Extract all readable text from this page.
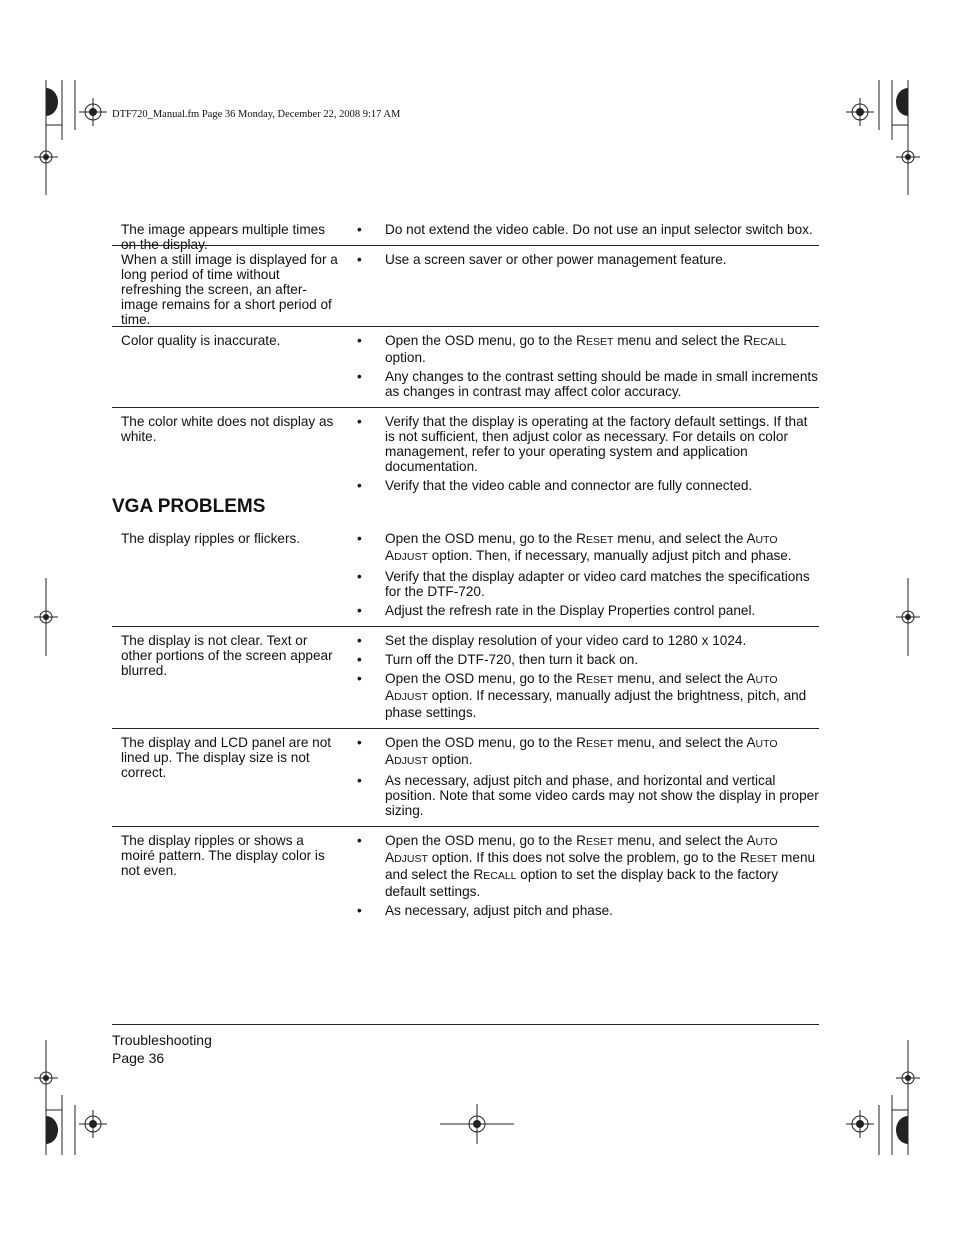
DTF720_Manual.fm Page 36 Monday, December 22, 2008 9:17 AM
The image appears multiple times on the display.
• Do not extend the video cable. Do not use an input selector switch box.
When a still image is displayed for a long period of time without refreshing the screen, an after-image remains for a short period of time.
• Use a screen saver or other power management feature.
Color quality is inaccurate.	• Open the OSD menu, go to the RESET menu and select the RECALL option.
• Any changes to the contrast setting should be made in small increments as changes in contrast may affect color accuracy.
The color white does not display as white.
• Verify that the display is operating at the factory default settings. If that is not sufficient, then adjust color as necessary. For details on color management, refer to your operating system and application documentation.
• Verify that the video cable and connector are fully connected.
VGA PROBLEMS
The display ripples or flickers.	• Open the OSD menu, go to the RESET menu, and select the AUTO ADJUST option. Then, if necessary, manually adjust pitch and phase.
• Verify that the display adapter or video card matches the specifications for the DTF-720.
• Adjust the refresh rate in the Display Properties control panel.
The display is not clear. Text or other portions of the screen appear blurred.
• Set the display resolution of your video card to 1280 x 1024.
• Turn off the DTF-720, then turn it back on.
• Open the OSD menu, go to the RESET menu, and select the AUTO ADJUST option. If necessary, manually adjust the brightness, pitch, and phase settings.
The display and LCD panel are not lined up. The display size is not correct.
• Open the OSD menu, go to the RESET menu, and select the AUTO ADJUST option.
• As necessary, adjust pitch and phase, and horizontal and vertical position. Note that some video cards may not show the display in proper sizing.
The display ripples or shows a moiré pattern. The display color is not even.
• Open the OSD menu, go to the RESET menu, and select the AUTO ADJUST option. If this does not solve the problem, go to the RESET menu and select the RECALL option to set the display back to the factory default settings.
• As necessary, adjust pitch and phase.
Troubleshooting
Page 36
